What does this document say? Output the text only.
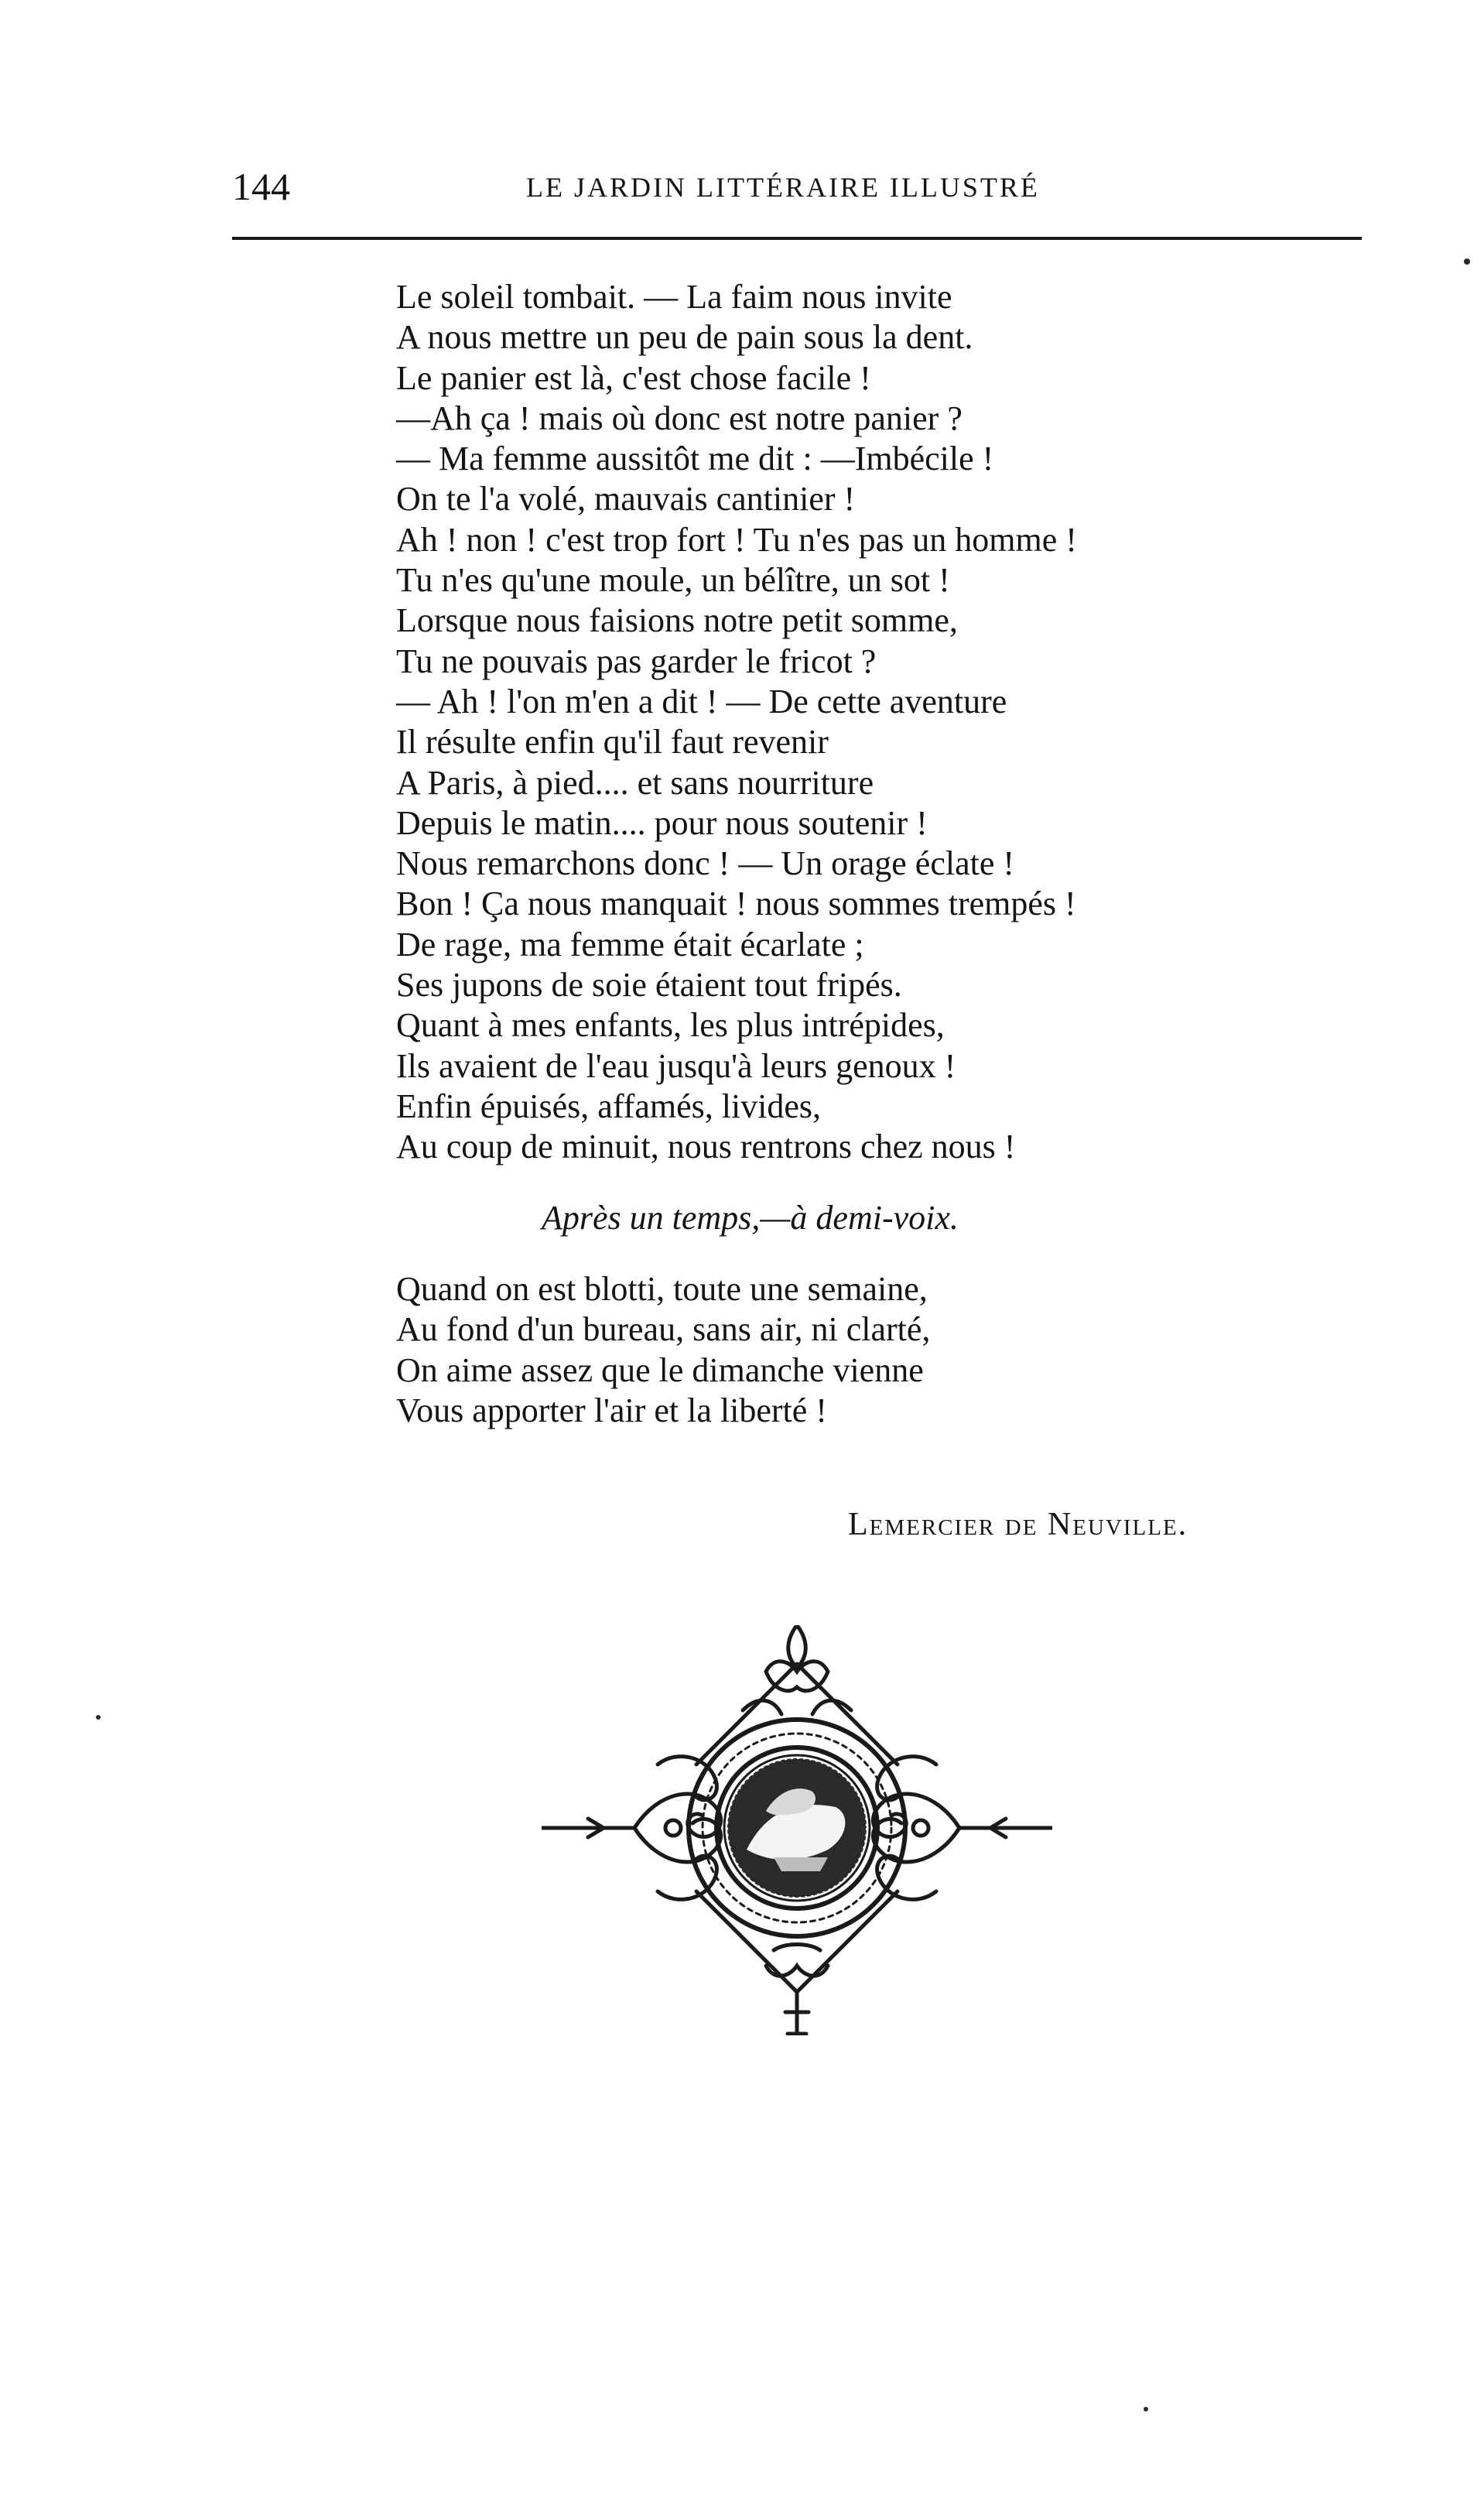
144	LE JARDIN LITTÉRAIRE ILLUSTRÉ
Le soleil tombait. — La faim nous invite
A nous mettre un peu de pain sous la dent.
Le panier est là, c'est chose facile !
—Ah ça ! mais où donc est notre panier ?
— Ma femme aussitôt me dit : —Imbécile !
On te l'a volé, mauvais cantinier !
Ah ! non ! c'est trop fort ! Tu n'es pas un homme !
Tu n'es qu'une moule, un bélître, un sot !
Lorsque nous faisions notre petit somme,
Tu ne pouvais pas garder le fricot ?
— Ah ! l'on m'en a dit ! — De cette aventure
Il résulte enfin qu'il faut revenir
A Paris, à pied.... et sans nourriture
Depuis le matin.... pour nous soutenir !
Nous remarchons donc ! — Un orage éclate !
Bon ! Ça nous manquait ! nous sommes trempés !
De rage, ma femme était écarlate ;
Ses jupons de soie étaient tout fripés.
Quant à mes enfants, les plus intrépides,
Ils avaient de l'eau jusqu'à leurs genoux !
Enfin épuisés, affamés, livides,
Au coup de minuit, nous rentrons chez nous !
Après un temps,—à demi-voix.
Quand on est blotti, toute une semaine,
Au fond d'un bureau, sans air, ni clarté,
On aime assez que le dimanche vienne
Vous apporter l'air et la liberté !
Lemercier de Neuville.
